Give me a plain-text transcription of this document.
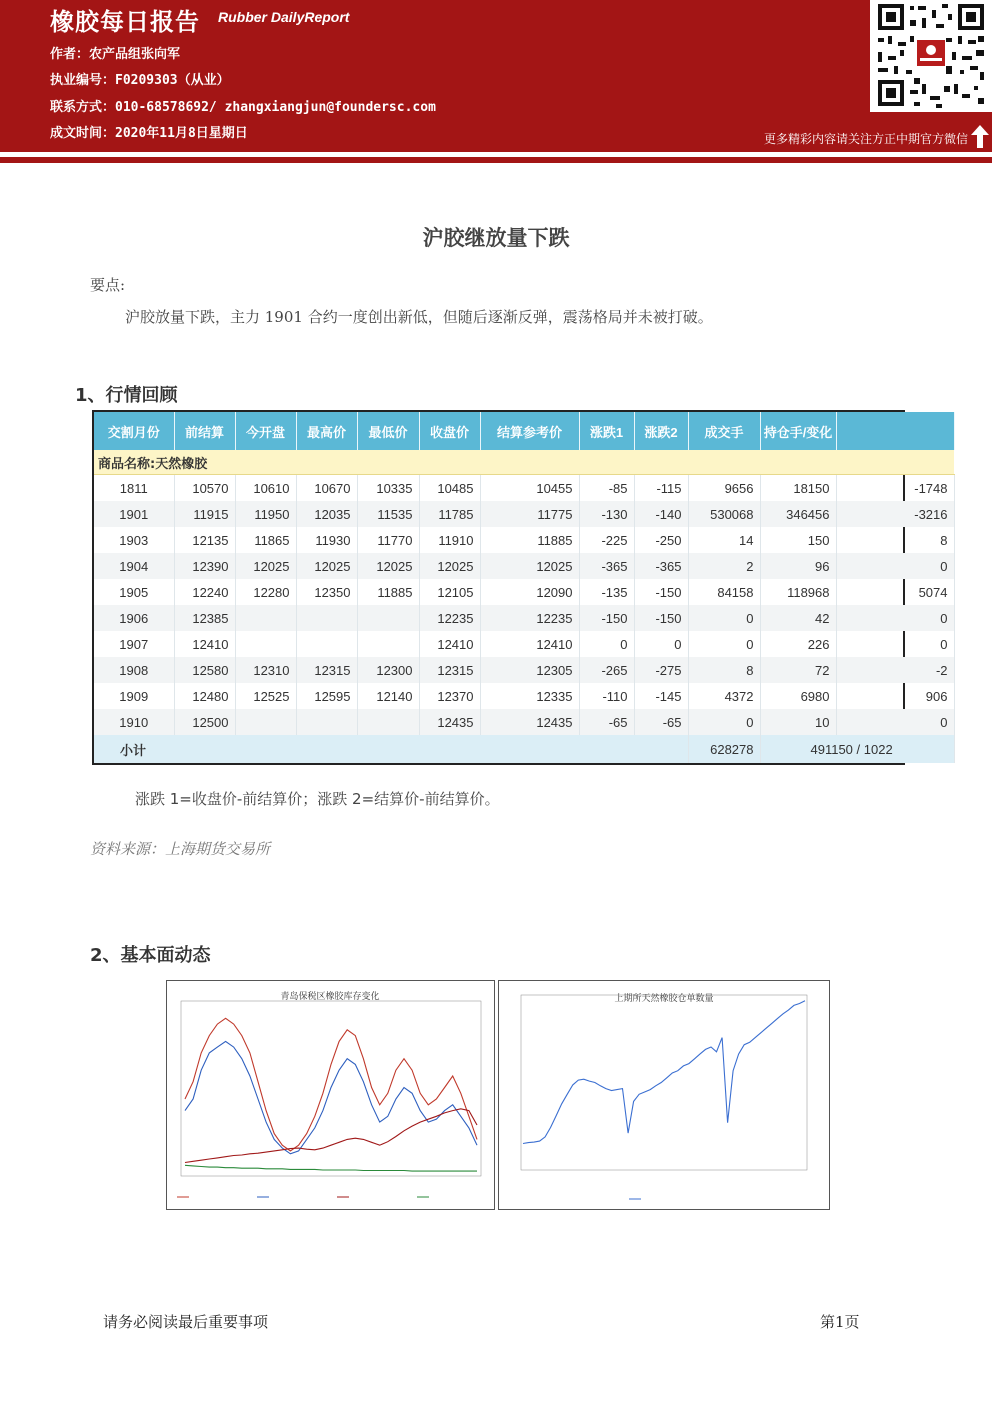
橡胶每日报告 Rubber DailyReport
作者：农产品组张向军
执业编号：F0209303（从业）
联系方式：010-68578692/ zhangxiangjun@foundersc.com
成文时间：2020年11月8日星期日	更多精彩内容请关注方正中期官方微信
沪胶继放量下跌
要点:
沪胶放量下跌，主力 1901 合约一度创出新低，但随后逐渐反弹，震荡格局并未被打破。
1、行情回顾
交割月份	前结算	今开盘	最高价	最低价	收盘价	结算参考价	涨跌1	涨跌2	成交手	持仓手/变化	
商品名称:天然橡胶											
1811	10570	10610	10670	10335	10485	10455	-85	-115	9656	18150	-1748
1901	11915	11950	12035	11535	11785	11775	-130	-140	530068	346456	-3216
1903	12135	11865	11930	11770	11910	11885	-225	-250	14	150	8
1904	12390	12025	12025	12025	12025	12025	-365	-365	2	96	0
1905	12240	12280	12350	11885	12105	12090	-135	-150	84158	118968	5074
1906	12385				12235	12235	-150	-150	0	42	0
1907	12410				12410	12410	0	0	0	226	0
1908	12580	12310	12315	12300	12315	12305	-265	-275	8	72	-2
1909	12480	12525	12595	12140	12370	12335	-110	-145	4372	6980	906
1910	12500				12435	12435	-65	-65	0	10	0
小计									628278	491150 / 1022	
涨跌 1=收盘价-前结算价；涨跌 2=结算价-前结算价。
资料来源：上海期货交易所
2、基本面动态
青岛保税区橡胶库存变化	上期所天然橡胶仓单数量
请务必阅读最后重要事项	第1页
